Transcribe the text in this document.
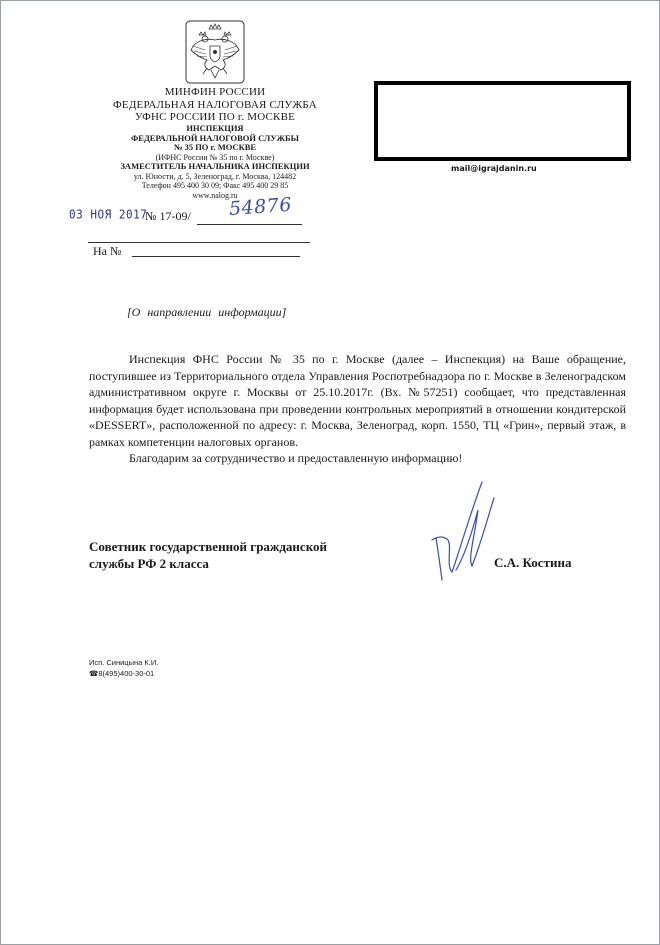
МИНФИН РОССИИ
ФЕДЕРАЛЬНАЯ НАЛОГОВАЯ СЛУЖБА
УФНС РОССИИ ПО г. МОСКВЕ
ИНСПЕКЦИЯ
ФЕДЕРАЛЬНОЙ НАЛОГОВОЙ СЛУЖБЫ
№ 35 ПО г. МОСКВЕ
(ИФНС России № 35 по г. Москве)
ЗАМЕСТИТЕЛЬ НАЧАЛЬНИКА ИНСПЕКЦИИ
ул. Юности, д. 5, Зеленоград, г. Москва, 124482
Телефон 495 400 30 09; Факс 495 400 29 85
www.nalog.ru
mail@igrajdanin.ru
03 НОЯ 2017
№ 17-09/ 54876
На №
[О направлении информации]

Инспекция ФНС России № 35 по г. Москве (далее – Инспекция) на Ваше обращение, поступившее из Территориального отдела Управления Роспотребнадзора по г. Москве в Зеленоградском административном округе г. Москвы от 25.10.2017г. (Вх. №57251) сообщает, что представленная информация будет использована при проведении контрольных мероприятий в отношении кондитерской «DESSERT», расположенной по адресу: г. Москва, Зеленоград, корп. 1550, ТЦ «Грин», первый этаж, в рамках компетенции налоговых органов.

Благодарим за сотрудничество и предоставленную информацию!

Советник государственной гражданской
службы РФ 2 класса	С.А. Костина
Исп. Синицына К.И.
☎8(495)400-30-01
